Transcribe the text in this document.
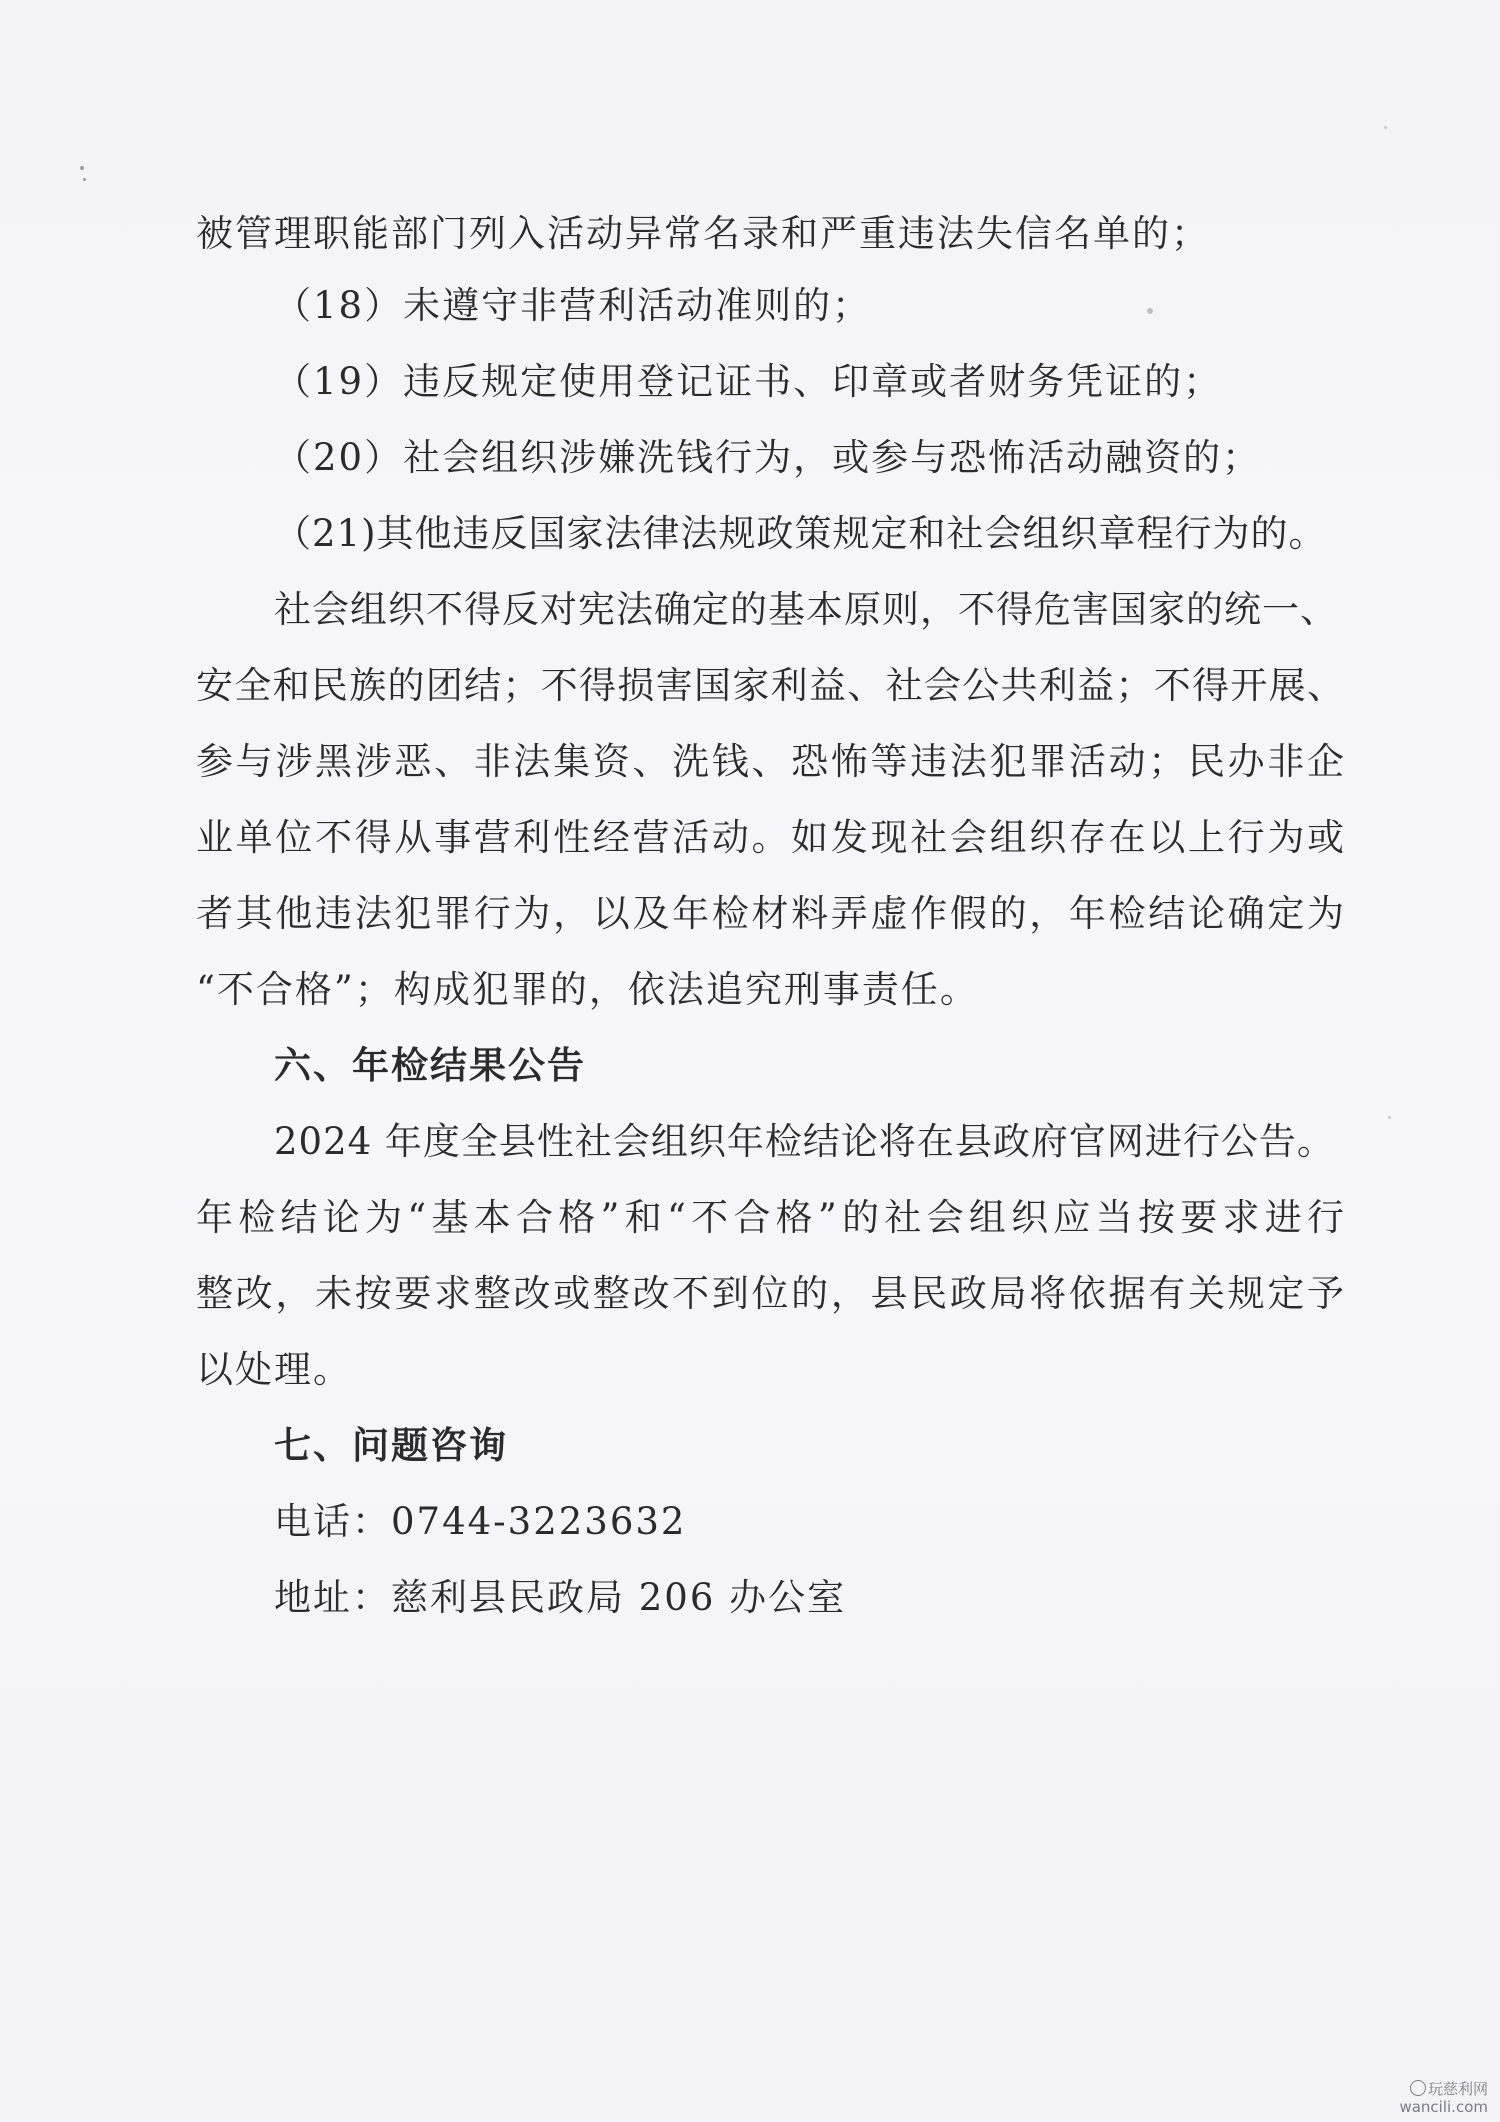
被管理职能部门列入活动异常名录和严重违法失信名单的；
（18）未遵守非营利活动准则的；
（19）违反规定使用登记证书、印章或者财务凭证的；
（20）社会组织涉嫌洗钱行为，或参与恐怖活动融资的；
（21)其他违反国家法律法规政策规定和社会组织章程行为的。
社会组织不得反对宪法确定的基本原则，不得危害国家的统一、
安全和民族的团结；不得损害国家利益、社会公共利益；不得开展、
参与涉黑涉恶、非法集资、洗钱、恐怖等违法犯罪活动；民办非企
业单位不得从事营利性经营活动。如发现社会组织存在以上行为或
者其他违法犯罪行为，以及年检材料弄虚作假的，年检结论确定为
“不合格”；构成犯罪的，依法追究刑事责任。
六、年检结果公告
2024 年度全县性社会组织年检结论将在县政府官网进行公告。
年检结论为“基本合格”和“不合格”的社会组织应当按要求进行
整改，未按要求整改或整改不到位的，县民政局将依据有关规定予
以处理。
七、问题咨询
电话：0744-3223632
地址：慈利县民政局 206 办公室
玩慈利网
wancili.com
